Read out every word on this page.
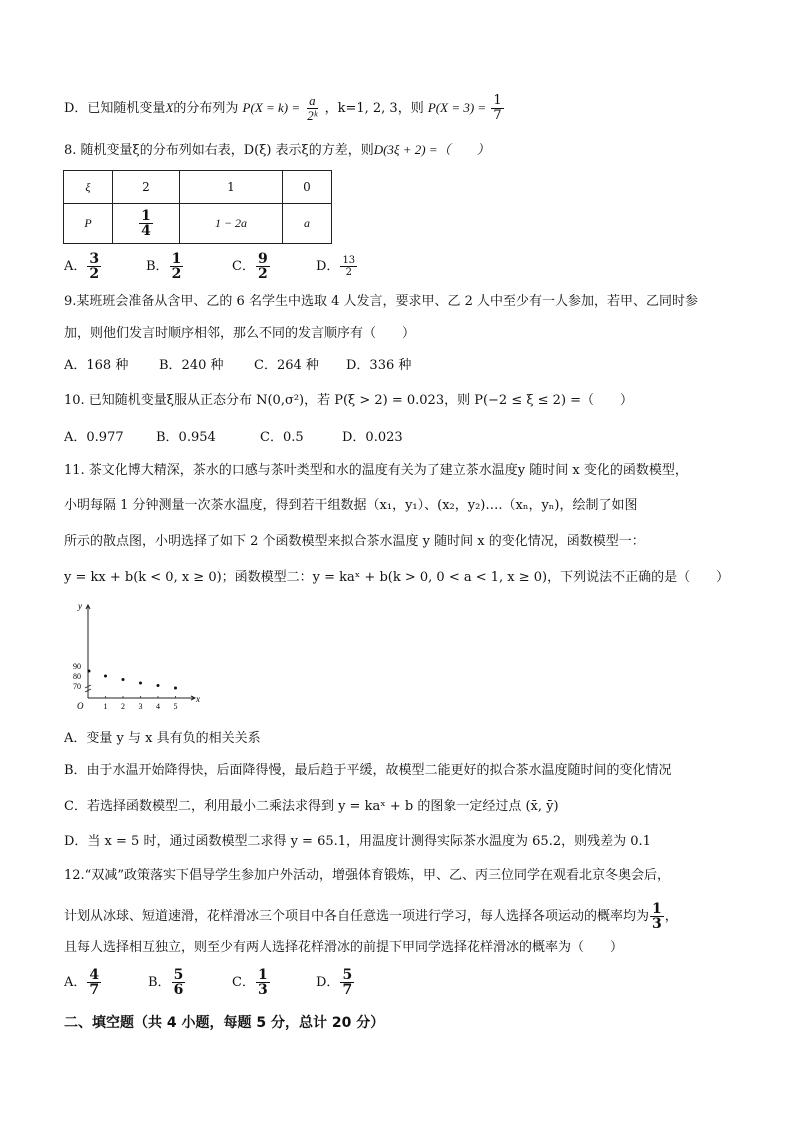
D．已知随机变量X的分布列为 $P(X = k) = \frac{a}{\text{2ᵏ}}$ ，k=1, 2, 3，则 $P(X = 3) = \frac{1}{7}$
8. 随机变量ξ的分布列如右表，D(ξ) 表示ξ的方差，则D(3ξ + 2) =（　　）
ξ	2	1	0
P	$\frac{1}{4}$	1 − 2a	a
A． $\frac{3}{2}$	B． $\frac{1}{2}$	C． $\frac{9}{2}$	D． $\frac{13}{2}$
9.某班班会准备从含甲、乙的 6 名学生中选取 4 人发言，要求甲、乙 2 人中至少有一人参加，若甲、乙同时参
加，则他们发言时顺序相邻，那么不同的发言顺序有（　　）
A．168 种 B．240 种 C．264 种 D．336 种
10. 已知随机变量ξ服从正态分布 N(0,σ²)，若 P(ξ > 2) = 0.023，则 P(−2 ≤ ξ ≤ 2) =（　　）
A．0.977 B．0.954	C．0.5	D．0.023
11. 茶文化博大精深，茶水的口感与茶叶类型和水的温度有关为了建立茶水温度y 随时间 x 变化的函数模型，
小明每隔 1 分钟测量一次茶水温度，得到若干组数据（x₁，y₁）、(x₂，y₂)….（xₙ，yₙ)，绘制了如图
所示的散点图，小明选择了如下 2 个函数模型来拟合茶水温度 y 随时间 x 的变化情况，函数模型一：
y = kx + b(k < 0, x ≥ 0)；函数模型二：y = kaˣ + b(k > 0, 0 < a < 1, x ≥ 0)，下列说法不正确的是（　　）
x
y
O	1 2 3 4 5
70
80
90
A．变量 y 与 x 具有负的相关关系
B．由于水温开始降得快，后面降得慢，最后趋于平缓，故模型二能更好的拟合茶水温度随时间的变化情况
C．若选择函数模型二，利用最小二乘法求得到 y = kaˣ + b 的图象一定经过点 (x̄, ȳ)
D．当 x = 5 时，通过函数模型二求得 y = 65.1，用温度计测得实际茶水温度为 65.2，则残差为 0.1
12.“双减”政策落实下倡导学生参加户外活动，增强体育锻炼，甲、乙、丙三位同学在观看北京冬奥会后，
计划从冰球、短道速滑，花样滑冰三个项目中各自任意选一项进行学习，每人选择各项运动的概率均为 $\frac{1}{3}$ ，
且每人选择相互独立，则至少有两人选择花样滑冰的前提下甲同学选择花样滑冰的概率为（　　）
A． $\frac{4}{7}$	B． $\frac{5}{6}$	C． $\frac{1}{3}$	D． $\frac{5}{7}$
二、填空题（共 4 小题，每题 5 分，总计 20 分）
